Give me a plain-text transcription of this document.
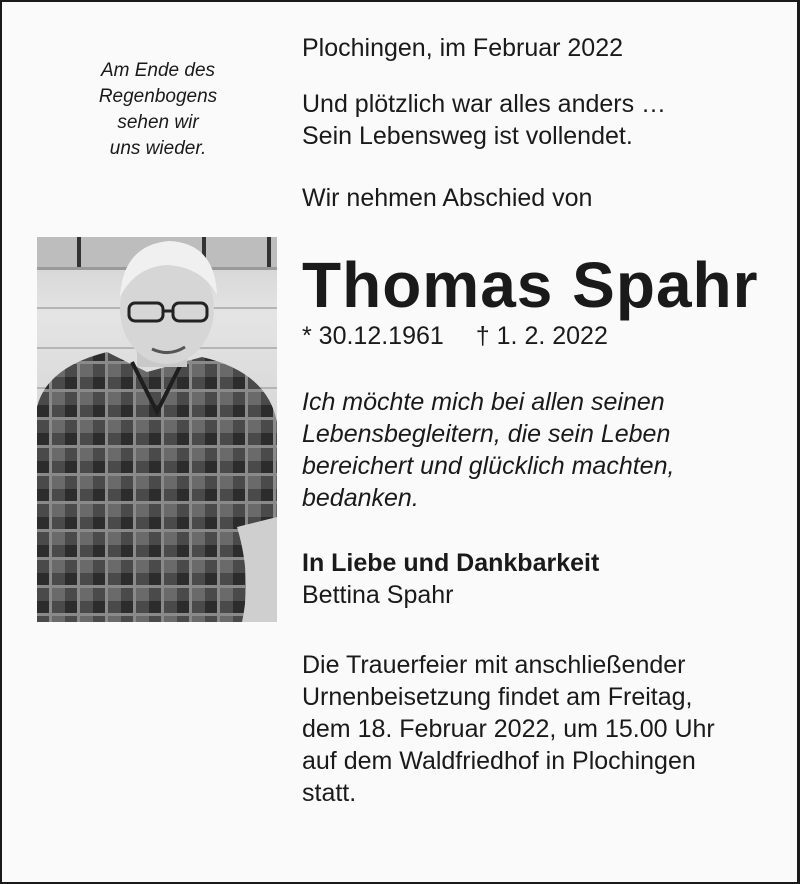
Am Ende des
Regenbogens
sehen wir
uns wieder.

Plochingen, im Februar 2022

Und plötzlich war alles anders …
Sein Lebensweg ist vollendet.

Wir nehmen Abschied von

Thomas Spahr

* 30.12.1961 † 1. 2. 2022

Ich möchte mich bei allen seinen
Lebensbegleitern, die sein Leben
bereichert und glücklich machten,
bedanken.

In Liebe und Dankbarkeit
Bettina Spahr

Die Trauerfeier mit anschließender
Urnenbeisetzung findet am Freitag,
dem 18. Februar 2022, um 15.00 Uhr
auf dem Waldfriedhof in Plochingen
statt.
